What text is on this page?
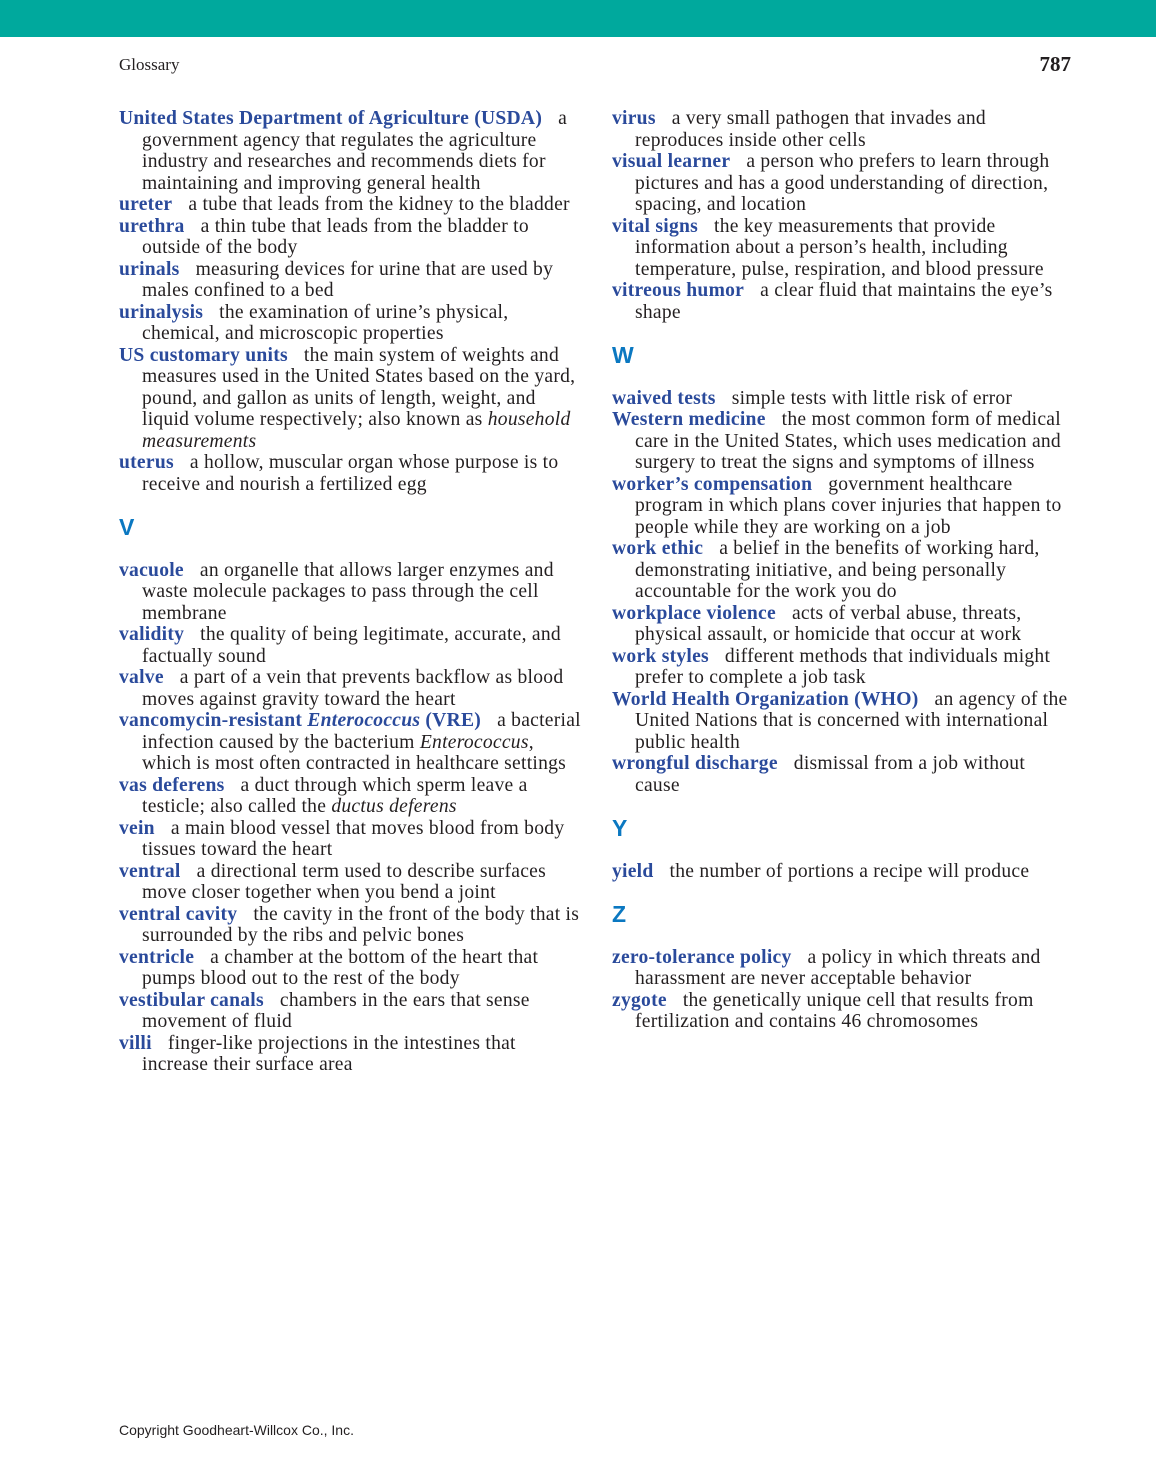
Glossary	787
United States Department of Agriculture (USDA) a government agency that regulates the agriculture industry and researches and recommends diets for maintaining and improving general health
ureter a tube that leads from the kidney to the bladder
urethra a thin tube that leads from the bladder to outside of the body
urinals measuring devices for urine that are used by males confined to a bed
urinalysis the examination of urine’s physical, chemical, and microscopic properties
US customary units the main system of weights and measures used in the United States based on the yard, pound, and gallon as units of length, weight, and liquid volume respectively; also known as household measurements
uterus a hollow, muscular organ whose purpose is to receive and nourish a fertilized egg
V
vacuole an organelle that allows larger enzymes and waste molecule packages to pass through the cell membrane
validity the quality of being legitimate, accurate, and factually sound
valve a part of a vein that prevents backflow as blood moves against gravity toward the heart
vancomycin-resistant Enterococcus (VRE) a bacterial infection caused by the bacterium Enterococcus, which is most often contracted in healthcare settings
vas deferens a duct through which sperm leave a testicle; also called the ductus deferens
vein a main blood vessel that moves blood from body tissues toward the heart
ventral a directional term used to describe surfaces move closer together when you bend a joint
ventral cavity the cavity in the front of the body that is surrounded by the ribs and pelvic bones
ventricle a chamber at the bottom of the heart that pumps blood out to the rest of the body
vestibular canals chambers in the ears that sense movement of fluid
villi finger-like projections in the intestines that increase their surface area
virus a very small pathogen that invades and reproduces inside other cells
visual learner a person who prefers to learn through pictures and has a good understanding of direction, spacing, and location
vital signs the key measurements that provide information about a person’s health, including temperature, pulse, respiration, and blood pressure
vitreous humor a clear fluid that maintains the eye’s shape
W
waived tests simple tests with little risk of error
Western medicine the most common form of medical care in the United States, which uses medication and surgery to treat the signs and symptoms of illness
worker’s compensation government healthcare program in which plans cover injuries that happen to people while they are working on a job
work ethic a belief in the benefits of working hard, demonstrating initiative, and being personally accountable for the work you do
workplace violence acts of verbal abuse, threats, physical assault, or homicide that occur at work
work styles different methods that individuals might prefer to complete a job task
World Health Organization (WHO) an agency of the United Nations that is concerned with international public health
wrongful discharge dismissal from a job without cause
Y
yield the number of portions a recipe will produce
Z
zero-tolerance policy a policy in which threats and harassment are never acceptable behavior
zygote the genetically unique cell that results from fertilization and contains 46 chromosomes
Copyright Goodheart-Willcox Co., Inc.
